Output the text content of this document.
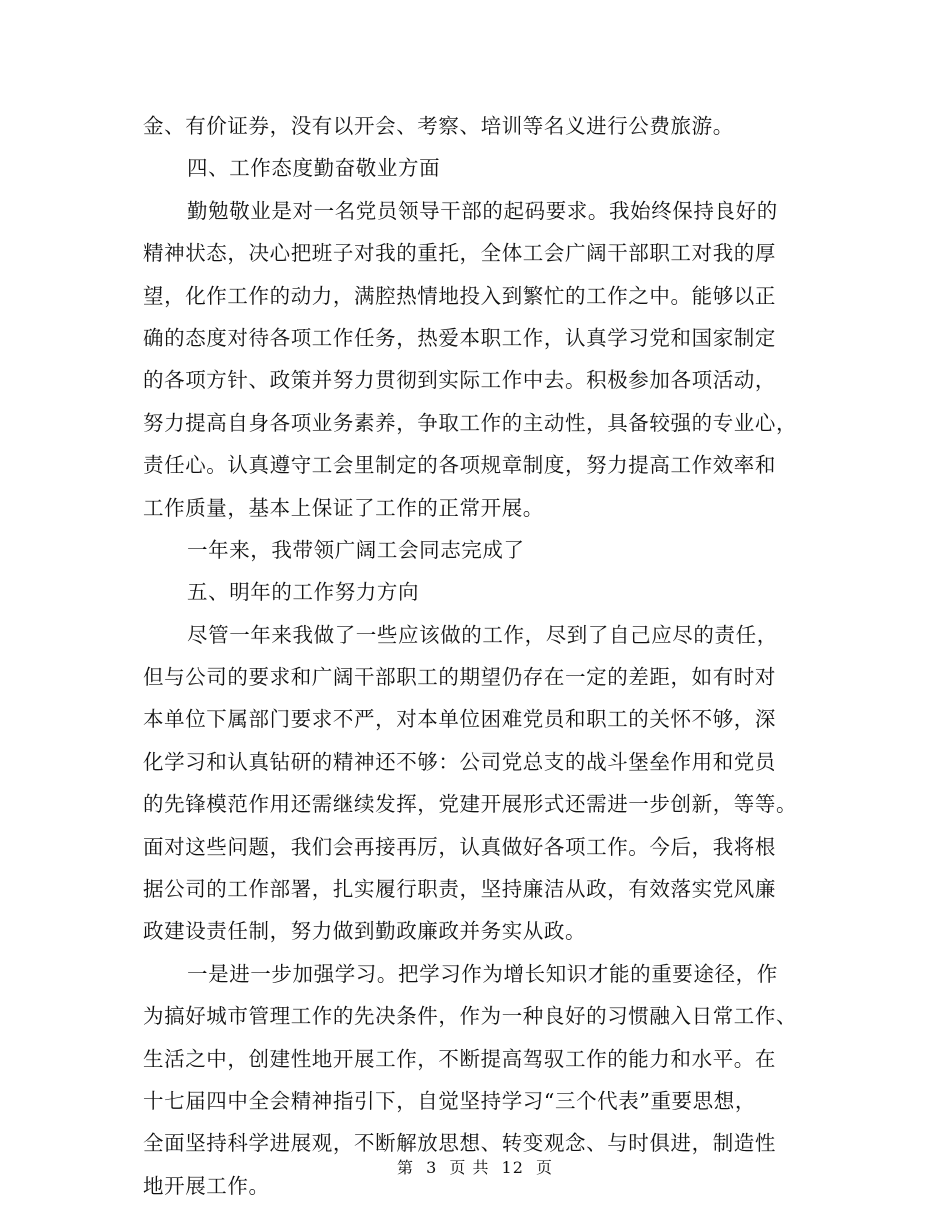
金、有价证券，没有以开会、考察、培训等名义进行公费旅游。
四、工作态度勤奋敬业方面
勤勉敬业是对一名党员领导干部的起码要求。我始终保持良好的
精神状态，决心把班子对我的重托，全体工会广阔干部职工对我的厚
望，化作工作的动力，满腔热情地投入到繁忙的工作之中。能够以正
确的态度对待各项工作任务，热爱本职工作，认真学习党和国家制定
的各项方针、政策并努力贯彻到实际工作中去。积极参加各项活动，
努力提高自身各项业务素养，争取工作的主动性，具备较强的专业心，
责任心。认真遵守工会里制定的各项规章制度，努力提高工作效率和
工作质量，基本上保证了工作的正常开展。
一年来，我带领广阔工会同志完成了
五、明年的工作努力方向
尽管一年来我做了一些应该做的工作，尽到了自己应尽的责任，
但与公司的要求和广阔干部职工的期望仍存在一定的差距，如有时对
本单位下属部门要求不严，对本单位困难党员和职工的关怀不够，深
化学习和认真钻研的精神还不够：公司党总支的战斗堡垒作用和党员
的先锋模范作用还需继续发挥，党建开展形式还需进一步创新，等等。
面对这些问题，我们会再接再厉，认真做好各项工作。今后，我将根
据公司的工作部署，扎实履行职责，坚持廉洁从政，有效落实党风廉
政建设责任制，努力做到勤政廉政并务实从政。
一是进一步加强学习。把学习作为增长知识才能的重要途径，作
为搞好城市管理工作的先决条件，作为一种良好的习惯融入日常工作、
生活之中，创建性地开展工作，不断提高驾驭工作的能力和水平。在
十七届四中全会精神指引下，自觉坚持学习“三个代表”重要思想，
全面坚持科学进展观，不断解放思想、转变观念、与时俱进，制造性
地开展工作。
第 3 页 共 12 页
